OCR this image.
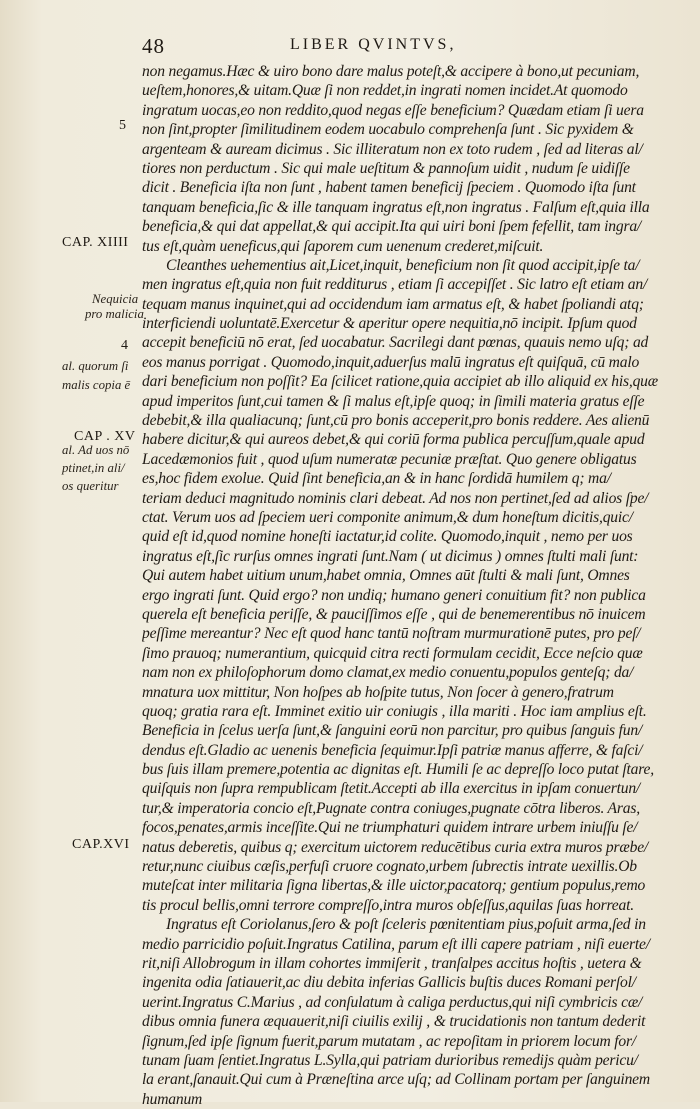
48	LIBER QVINTVS,
CAP. XIIII
CAP . XV
CAP.XVI
5
4
Nequicia
pro malicia
al. quorum ſi
malis copia ē
al. Ad uos nō
ptinet,in ali/
os queritur
non negamus.Hæc & uiro bono dare malus poteſt,& accipere à bono,ut pecuniam,
ueſtem,honores,& uitam.Quæ ſi non reddet,in ingrati nomen incidet.At quomodo
ingratum uocas,eo non reddito,quod negas eſſe beneficium? Quædam etiam ſi uera
non ſint,propter ſimilitudinem eodem uocabulo comprehenſa ſunt . Sic pyxidem &
argenteam & auream dicimus . Sic illiteratum non ex toto rudem , ſed ad literas al/
tiores non perductum . Sic qui male ueſtitum & pannoſum uidit , nudum ſe uidiſſe
dicit . Beneficia iſta non ſunt , habent tamen beneficij ſpeciem . Quomodo iſta ſunt
tanquam beneficia,ſic & ille tanquam ingratus eſt,non ingratus . Falſum eſt,quia illa
beneficia,& qui dat appellat,& qui accipit.Ita qui uiri boni ſpem fefellit, tam ingra/
tus eſt,quàm ueneficus,qui ſaporem cum uenenum crederet,miſcuit.
Cleanthes uehementius ait,Licet,inquit, beneficium non ſit quod accipit,ipſe ta/
men ingratus eſt,quia non fuit redditurus , etiam ſi accepiſſet . Sic latro eſt etiam an/
tequam manus inquinet,qui ad occidendum iam armatus eſt, & habet ſpoliandi atq;
interficiendi uoluntatē.Exercetur & aperitur opere nequitia,nō incipit. Ipſum quod
accepit beneficiū nō erat, ſed uocabatur. Sacrilegi dant pœnas, quauis nemo uſq; ad
eos manus porrigat . Quomodo,inquit,aduerſus malū ingratus eſt quiſquā, cū malo
dari beneficium non poſſit? Ea ſcilicet ratione,quia accipiet ab illo aliquid ex his,quæ
apud imperitos ſunt,cui tamen & ſi malus eſt,ipſe quoq; in ſimili materia gratus eſſe
debebit,& illa qualiacunq; ſunt,cū pro bonis acceperit,pro bonis reddere. Aes alienū
habere dicitur,& qui aureos debet,& qui coriū forma publica percuſſum,quale apud
Lacedæmonios fuit , quod uſum numeratæ pecuniæ præſtat. Quo genere obligatus
es,hoc fidem exolue. Quid ſint beneficia,an & in hanc ſordidā humilem q; ma/
teriam deduci magnitudo nominis clari debeat. Ad nos non pertinet,ſed ad alios ſpe/
ctat. Verum uos ad ſpeciem ueri componite animum,& dum honeſtum dicitis,quic/
quid eſt id,quod nomine honeſti iactatur,id colite. Quomodo,inquit , nemo per uos
ingratus eſt,ſic rurſus omnes ingrati ſunt.Nam ( ut dicimus ) omnes ſtulti mali ſunt:
Qui autem habet uitium unum,habet omnia, Omnes aūt ſtulti & mali ſunt, Omnes
ergo ingrati ſunt. Quid ergo? non undiq; humano generi conuitium fit? non publica
querela eſt beneficia periſſe, & pauciſſimos eſſe , qui de benemerentibus nō inuicem
peſſime mereantur? Nec eſt quod hanc tantū noſtram murmurationē putes, pro peſ/
ſimo prauoq; numerantium, quicquid citra recti formulam cecidit, Ecce neſcio quæ
nam non ex philoſophorum domo clamat,ex medio conuentu,populos genteſq; da/
mnatura uox mittitur, Non hoſpes ab hoſpite tutus, Non ſocer à genero,fratrum
quoq; gratia rara eſt. Imminet exitio uir coniugis , illa mariti . Hoc iam amplius eſt.
Beneficia in ſcelus uerſa ſunt,& ſanguini eorū non parcitur, pro quibus ſanguis fun/
dendus eſt.Gladio ac uenenis beneficia ſequimur.Ipſi patriæ manus afferre, & faſci/
bus ſuis illam premere,potentia ac dignitas eſt. Humili ſe ac depreſſo loco putat ſtare,
quiſquis non ſupra rempublicam ſtetit.Accepti ab illa exercitus in ipſam conuertun/
tur,& imperatoria concio eſt,Pugnate contra coniuges,pugnate cōtra liberos. Aras,
focos,penates,armis inceſſite.Qui ne triumphaturi quidem intrare urbem iniuſſu ſe/
natus deberetis, quibus q; exercitum uictorem reducētibus curia extra muros præbe/
retur,nunc ciuibus cæſis,perfuſi cruore cognato,urbem ſubrectis intrate uexillis.Ob
muteſcat inter militaria ſigna libertas,& ille uictor,pacatorq; gentium populus,remo
tis procul bellis,omni terrore compreſſo,intra muros obſeſſus,aquilas ſuas horreat.
Ingratus eſt Coriolanus,ſero & poſt ſceleris pœnitentiam pius,poſuit arma,ſed in
medio parricidio poſuit.Ingratus Catilina, parum eſt illi capere patriam , niſi euerte/
rit,niſi Allobrogum in illam cohortes immiſerit , tranſalpes accitus hoſtis , uetera &
ingenita odia ſatiauerit,ac diu debita inferias Gallicis buſtis duces Romani perſol/
uerint.Ingratus C.Marius , ad conſulatum à caliga perductus,qui niſi cymbricis cæ/
dibus omnia funera æquauerit,niſi ciuilis exilij , & trucidationis non tantum dederit
ſignum,ſed ipſe ſignum fuerit,parum mutatam , ac repoſitam in priorem locum for/
tunam ſuam ſentiet.Ingratus L.Sylla,qui patriam durioribus remedijs quàm pericu/
la erant,ſanauit.Qui cum à Præneſtina arce uſq; ad Collinam portam per ſanguinem
humanum
